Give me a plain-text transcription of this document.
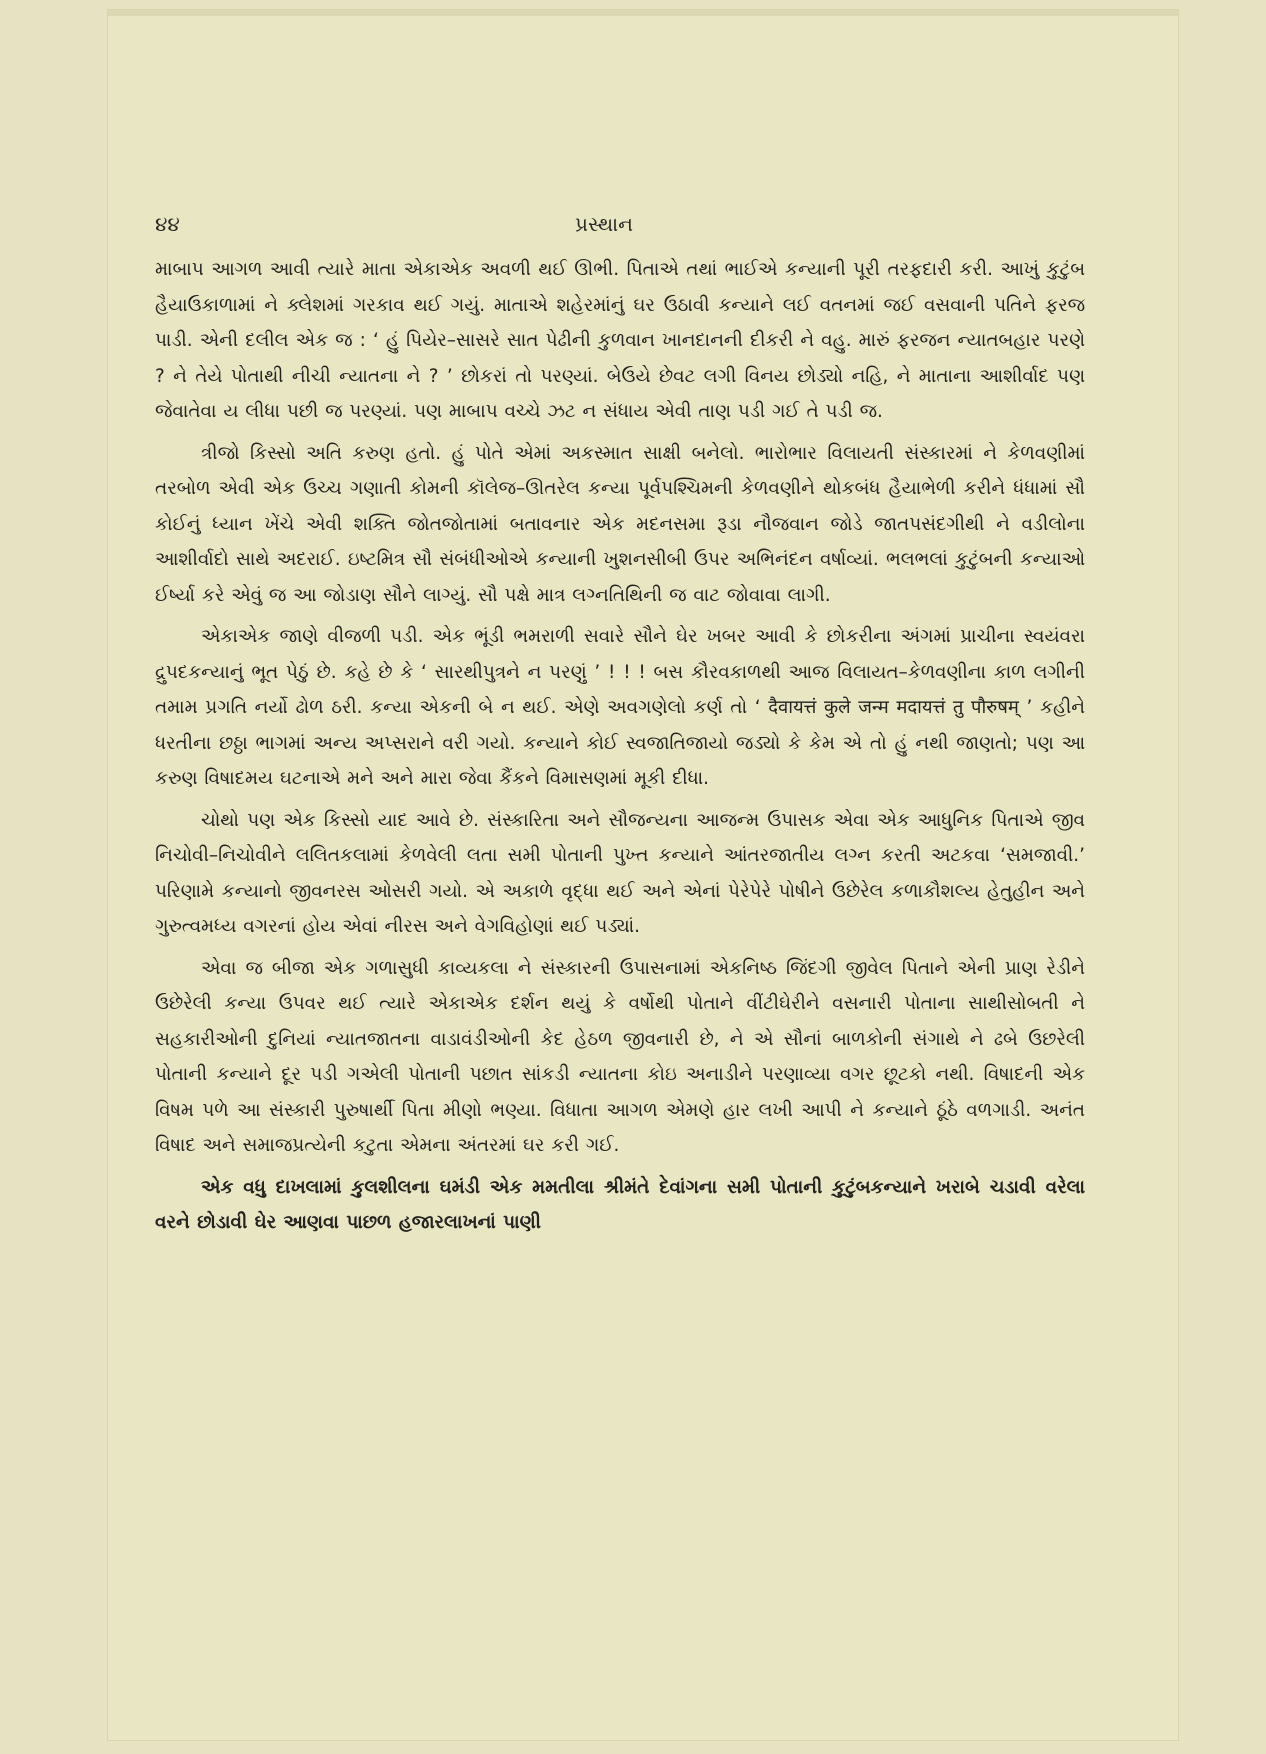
૪૪	પ્રસ્થાન

માબાપ આગળ આવી ત્યારે માતા એકાએક અવળી થઈ ઊભી. પિતાએ તથાં ભાઈએ કન્યાની પૂરી તરફદારી કરી. આખું કુટુંબ હૈયાઉકાળામાં ને ક્લેશમાં ગરકાવ થઈ ગયું. માતાએ શહેરમાંનું ઘર ઉઠાવી કન્યાને લઈ વતનમાં જઈ વસવાની પતિને ફરજ પાડી. એની દલીલ એક જ : ‘ હું પિયેર–સાસરે સાત પેઢીની કુળવાન ખાનદાનની દીકરી ને વહુ. મારું ફરજન ન્યાતબહાર પરણે ? ને તેયે પોતાથી નીચી ન્યાતના ને ? ’ છોકરાં તો પરણ્યાં. બેઉયે છેવટ લગી વિનય છોડ્યો નહિ, ને માતાના આશીર્વાદ પણ જેવાતેવા ય લીધા પછી જ પરણ્યાં. પણ માબાપ વચ્ચે ઝટ ન સંધાય એવી તાણ પડી ગઈ તે પડી જ.

ત્રીજો કિસ્સો અતિ કરુણ હતો. હું પોતે એમાં અકસ્માત સાક્ષી બનેલો. ભારોભાર વિલાયતી સંસ્કારમાં ને કેળવણીમાં તરબોળ એવી એક ઉચ્ચ ગણાતી કોમની કૉલેજ–ઊતરેલ કન્યા પૂર્વપશ્ચિમની કેળવણીને થોકબંધ હૈયાભેળી કરીને ધંધામાં સૌ કોઈનું ધ્યાન ખેંચે એવી શક્તિ જોતજોતામાં બતાવનાર એક મદનસમા રૂડા નૌજવાન જોડે જાતપસંદગીથી ને વડીલોના આશીર્વાદો સાથે અદરાઈ. ઇષ્ટમિત્ર સૌ સંબંધીઓએ કન્યાની ખુશનસીબી ઉપર અભિનંદન વર્ષાવ્યાં. ભલભલાં કુટુંબની કન્યાઓ ઈર્ષ્યા કરે એવું જ આ જોડાણ સૌને લાગ્યું. સૌ પક્ષે માત્ર લગ્નતિથિની જ વાટ જોવાવા લાગી.

એકાએક જાણે વીજળી પડી. એક ભૂંડી ભમરાળી સવારે સૌને ઘેર ખબર આવી કે છોકરીના અંગમાં પ્રાચીના સ્વયંવરા દ્રુપદકન્યાનું ભૂત પેઠું છે. કહે છે કે ‘ સારથીપુત્રને ન પરણું ’ ! ! ! બસ કૌરવકાળથી આજ વિલાયત–કેળવણીના કાળ લગીની તમામ પ્રગતિ નર્યો ઢોળ ઠરી. કન્યા એકની બે ન થઈ. એણે અવગણેલો કર્ણ તો ‘ दैवायत्तं कुले जन्म मदायत्तं तु पौरुषम् ’ કહીને ધરતીના છઠ્ઠા ભાગમાં અન્ય અપ્સરાને વરી ગયો. કન્યાને કોઈ સ્વજાતિજાયો જડ્યો કે કેમ એ તો હું નથી જાણતો; પણ આ કરુણ વિષાદમય ઘટનાએ મને અને મારા જેવા કૈંકને વિમાસણમાં મૂકી દીધા.

ચોથો પણ એક કિસ્સો યાદ આવે છે. સંસ્કારિતા અને સૌજન્યના આજન્મ ઉપાસક એવા એક આધુનિક પિતાએ જીવ નિચોવી–નિચોવીને લલિતકલામાં કેળવેલી લતા સમી પોતાની પુખ્ત કન્યાને આંતરજાતીય લગ્ન કરતી અટકવા ‘સમજાવી.’ પરિણામે કન્યાનો જીવનરસ ઓસરી ગયો. એ અકાળે વૃદ્ધા થઈ અને એનાં પેરેપેરે પોષીને ઉછેરેલ કળાકૌશલ્ય હેતુહીન અને ગુરુત્વમધ્ય વગરનાં હોય એવાં નીરસ અને વેગવિહોણાં થઈ પડ્યાં.

એવા જ બીજા એક ગળાસુધી કાવ્યકલા ને સંસ્કારની ઉપાસનામાં એકનિષ્ઠ જિંદગી જીવેલ પિતાને એની પ્રાણ રેડીને ઉછેરેલી કન્યા ઉપવર થઈ ત્યારે એકાએક દર્શન થયું કે વર્ષોથી પોતાને વીંટીઘેરીને વસનારી પોતાના સાથીસોબતી ને સહકારીઓની દુનિયાં ન્યાતજાતના વાડાવંડીઓની કેદ હેઠળ જીવનારી છે, ને એ સૌનાં બાળકોની સંગાથે ને ઢબે ઉછરેલી પોતાની કન્યાને દૂર પડી ગએલી પોતાની પછાત સાંકડી ન્યાતના કોઇ અનાડીને પરણાવ્યા વગર છૂટકો નથી. વિષાદની એક વિષમ પળે આ સંસ્કારી પુરુષાર્થી પિતા મીણો ભણ્યા. વિધાતા આગળ એમણે હાર લખી આપી ને કન્યાને ઠૂંઠે વળગાડી. અનંત વિષાદ અને સમાજપ્રત્યેની કટુતા એમના અંતરમાં ઘર કરી ગઈ.

એક વધુ દાખલામાં કુલશીલના ઘમંડી એક મમતીલા શ્રીમંતે દેવાંગના સમી પોતાની કુટુંબકન્યાને ખરાબે ચડાવી વરેલા વરને છોડાવી ઘેર આણવા પાછળ હજારલાખનાં પાણી
